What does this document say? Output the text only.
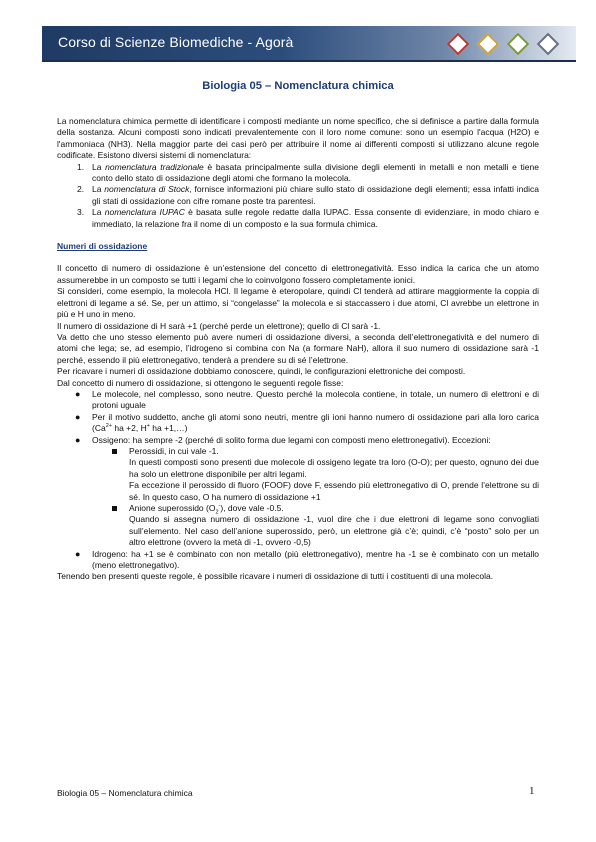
Corso di Scienze Biomediche - Agorà
Biologia 05 – Nomenclatura chimica

La nomenclatura chimica permette di identificare i composti mediante un nome specifico, che si definisce a partire dalla formula della sostanza. Alcuni composti sono indicati prevalentemente con il loro nome comune: sono un esempio l'acqua (H2O) e l'ammoniaca (NH3). Nella maggior parte dei casi però per attribuire il nome ai differenti composti si utilizzano alcune regole codificate. Esistono diversi sistemi di nomenclatura:

1. La nomenclatura tradizionale è basata principalmente sulla divisione degli elementi in metalli e non metalli e tiene conto dello stato di ossidazione degli atomi che formano la molecola.
2. La nomenclatura di Stock, fornisce informazioni più chiare sullo stato di ossidazione degli elementi; essa infatti indica gli stati di ossidazione con cifre romane poste tra parentesi.
3. La nomenclatura IUPAC è basata sulle regole redatte dalla IUPAC. Essa consente di evidenziare, in modo chiaro e immediato, la relazione fra il nome di un composto e la sua formula chimica.

Numeri di ossidazione

Il concetto di numero di ossidazione è un’estensione del concetto di elettronegatività. Esso indica la carica che un atomo assumerebbe in un composto se tutti i legami che lo coinvolgono fossero completamente ionici.

Si consideri, come esempio, la molecola HCl. Il legame è eteropolare, quindi Cl tenderà ad attirare maggiormente la coppia di elettroni di legame a sé. Se, per un attimo, si “congelasse” la molecola e si staccassero i due atomi, Cl avrebbe un elettrone in più e H uno in meno.

Il numero di ossidazione di H sarà +1 (perché perde un elettrone); quello di Cl sarà -1.

Va detto che uno stesso elemento può avere numeri di ossidazione diversi, a seconda dell’elettronegatività e del numero di atomi che lega; se, ad esempio, l’idrogeno si combina con Na (a formare NaH), allora il suo numero di ossidazione sarà -1 perché, essendo il più elettronegativo, tenderà a prendere su di sé l’elettrone.

Per ricavare i numeri di ossidazione dobbiamo conoscere, quindi, le configurazioni elettroniche dei composti.

Dal concetto di numero di ossidazione, si ottengono le seguenti regole fisse:

● Le molecole, nel complesso, sono neutre. Questo perché la molecola contiene, in totale, un numero di elettroni e di protoni uguale
● Per il motivo suddetto, anche gli atomi sono neutri, mentre gli ioni hanno numero di ossidazione pari alla loro carica ($Ca^{2+}$ ha +2, H+ ha +1,…)
● Ossigeno: ha sempre -2 (perché di solito forma due legami con composti meno elettronegativi). Eccezioni:
Perossidi, in cui vale -1.
In questi composti sono presenti due molecole di ossigeno legate tra loro (O-O); per questo, ognuno dei due ha solo un elettrone disponibile per altri legami.
Fa eccezione il perossido di fluoro (FOOF) dove F, essendo più elettronegativo di O, prende l’elettrone su di sé. In questo caso, O ha numero di ossidazione +1
Anione superossido $(O_2^-)$, dove vale -0.5.
Quando si assegna numero di ossidazione -1, vuol dire che i due elettroni di legame sono convogliati sull’elemento. Nel caso dell’anione superossido, però, un elettrone già c’è; quindi, c’è “posto” solo per un altro elettrone (ovvero la metà di -1, ovvero -0,5)
● Idrogeno: ha +1 se è combinato con non metallo (più elettronegativo), mentre ha -1 se è combinato con un metallo (meno elettronegativo).

Tenendo ben presenti queste regole, è possibile ricavare i numeri di ossidazione di tutti i costituenti di una molecola.

Biologia 05 – Nomenclatura chimica	1
